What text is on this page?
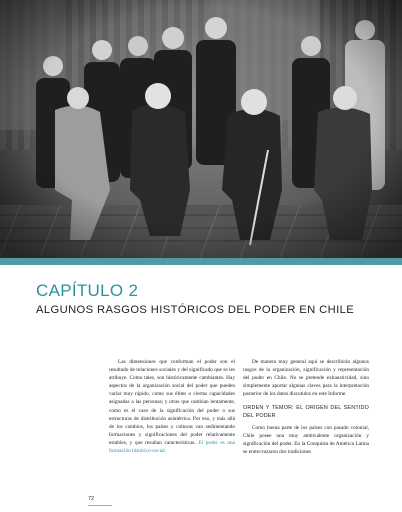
CAPÍTULO 2
ALGUNOS RASGOS HISTÓRICOS DEL PODER EN CHILE

Las dimensiones que conforman el poder son el resultado de relaciones sociales y del significado que se les atribuye. Como tales, son históricamente cambiantes. Hay aspectos de la organización social del poder que pueden variar muy rápido, como sus élites o ciertas capacidades asignadas a las personas; y otras que cambian lentamente, como es el caso de la significación del poder o sus estructuras de distribución asimétrica. Por eso, y más allá de los cambios, los países y culturas van sedimentando formaciones y significaciones del poder relativamente estables, y que resultan características. El poder es una formación histórico-social.

De manera muy general aquí se describirán algunos rasgos de la organización, significación y representación del poder en Chile. No se pretende exhaustividad, sino simplemente aportar algunas claves para la interpretación posterior de los datos discutidos en este Informe.

ORDEN Y TEMOR: EL ORIGEN DEL SENTIDO DEL PODER

Como buena parte de los países con pasado colonial, Chile posee una muy ambivalente organización y significación del poder. En la Conquista de América Latina se entrecruzaron dos tradiciones

72
